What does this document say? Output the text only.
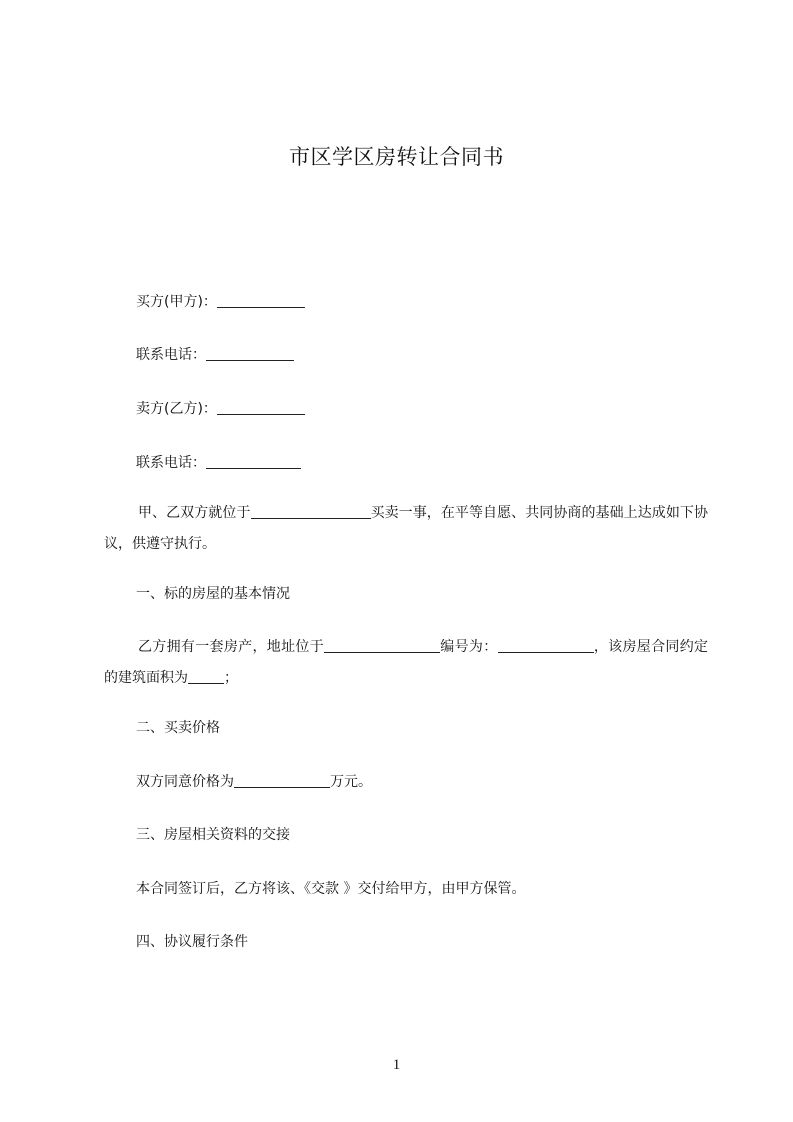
市区学区房转让合同书
买方(甲方)：
联系电话：
卖方(乙方)：
联系电话：
甲、乙双方就位于	买卖一事，在平等自愿、共同协商的基础上达成如下协议，供遵守执行。
一、标的房屋的基本情况
乙方拥有一套房产，地址位于	编号为：	，该房屋合同约定的建筑面积为	；
二、买卖价格
双方同意价格为	万元。
三、房屋相关资料的交接
本合同签订后，乙方将该、《交款 》交付给甲方，由甲方保管。
四、协议履行条件
1
